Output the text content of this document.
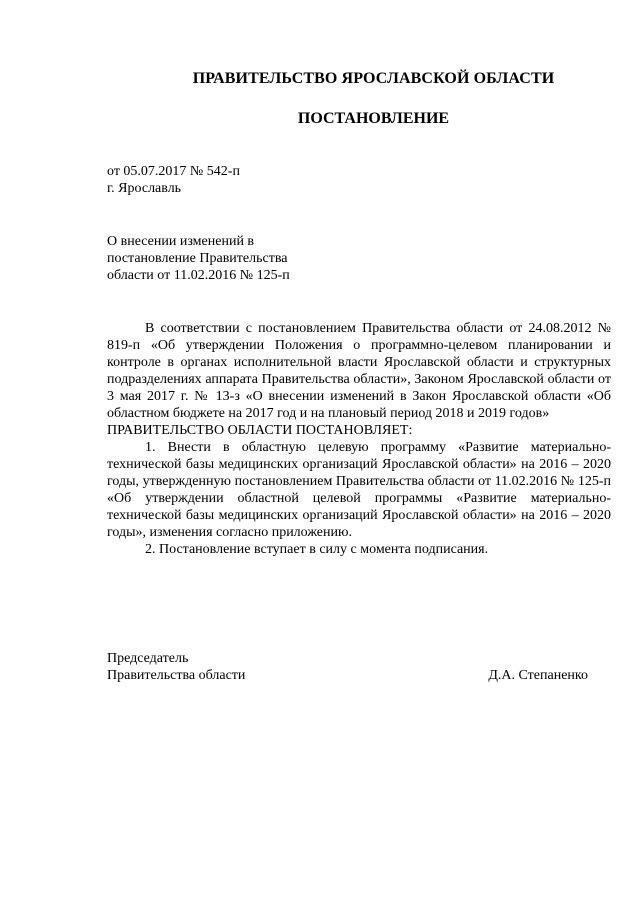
ПРАВИТЕЛЬСТВО ЯРОСЛАВСКОЙ ОБЛАСТИ
ПОСТАНОВЛЕНИЕ
от 05.07.2017 № 542-п
г. Ярославль
О внесении изменений в
постановление Правительства
области от 11.02.2016 № 125-п

В соответствии с постановлением Правительства области от 24.08.2012 № 819-п «Об утверждении Положения о программно-целевом планировании и контроле в органах исполнительной власти Ярославской области и структурных подразделениях аппарата Правительства области», Законом Ярославской области от 3 мая 2017 г. № 13-з «О внесении изменений в Закон Ярославской области «Об областном бюджете на 2017 год и на плановый период 2018 и 2019 годов»

ПРАВИТЕЛЬСТВО ОБЛАСТИ ПОСТАНОВЛЯЕТ:

1. Внести в областную целевую программу «Развитие материально-технической базы медицинских организаций Ярославской области» на 2016 – 2020 годы, утвержденную постановлением Правительства области от 11.02.2016 № 125-п «Об утверждении областной целевой программы «Развитие материально-технической базы медицинских организаций Ярославской области» на 2016 – 2020 годы», изменения согласно приложению.

2. Постановление вступает в силу с момента подписания.

Председатель
Правительства области	Д.А. Степаненко
